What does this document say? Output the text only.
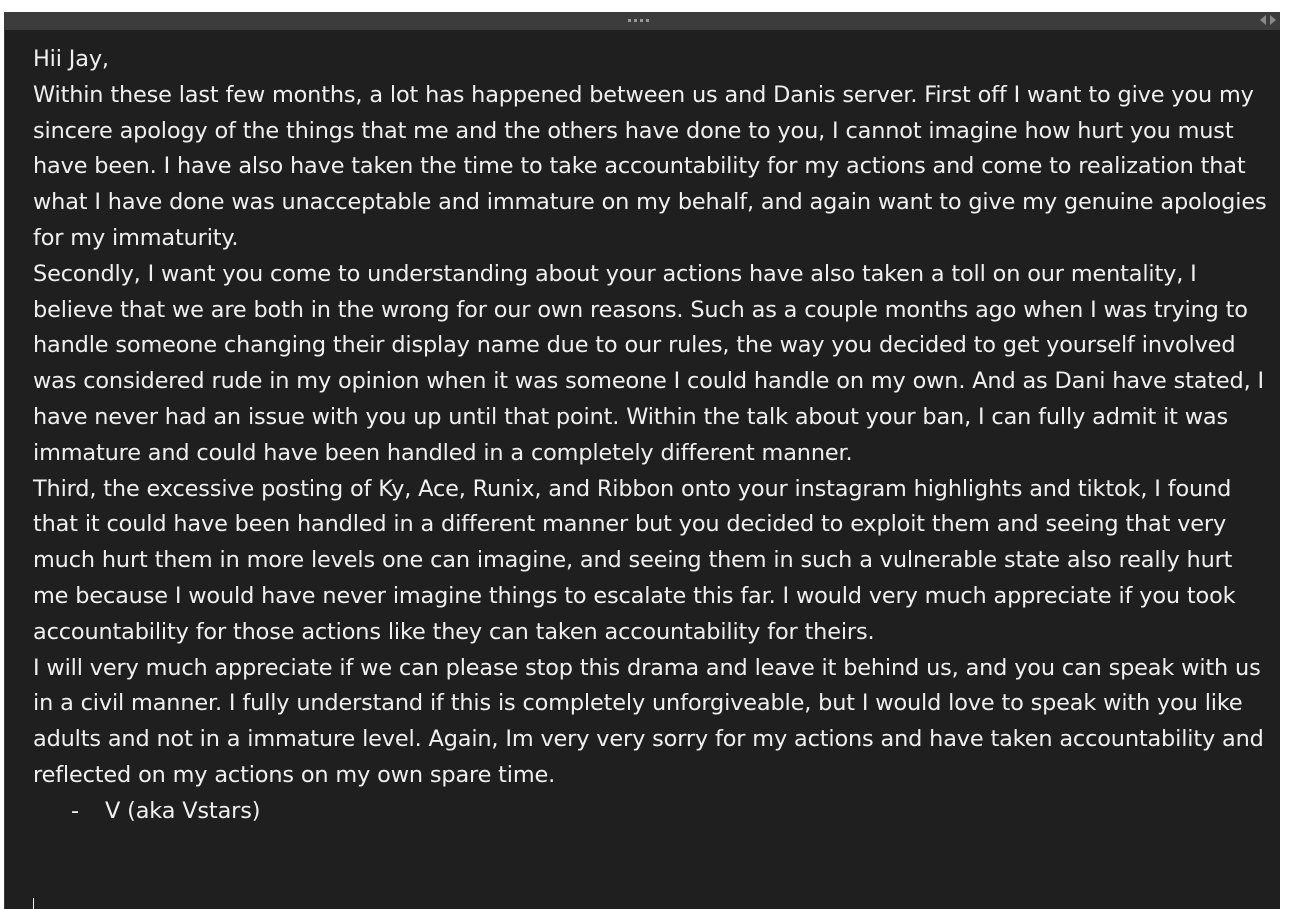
Hii Jay,

Within these last few months, a lot has happened between us and Danis server. First off I want to give you my sincere apology of the things that me and the others have done to you, I cannot imagine how hurt you must have been. I have also have taken the time to take accountability for my actions and come to realization that what I have done was unacceptable and immature on my behalf, and again want to give my genuine apologies for my immaturity.

Secondly, I want you come to understanding about your actions have also taken a toll on our mentality, I believe that we are both in the wrong for our own reasons. Such as a couple months ago when I was trying to handle someone changing their display name due to our rules, the way you decided to get yourself involved was considered rude in my opinion when it was someone I could handle on my own. And as Dani have stated, I have never had an issue with you up until that point. Within the talk about your ban, I can fully admit it was immature and could have been handled in a completely different manner.

Third, the excessive posting of Ky, Ace, Runix, and Ribbon onto your instagram highlights and tiktok, I found that it could have been handled in a different manner but you decided to exploit them and seeing that very much hurt them in more levels one can imagine, and seeing them in such a vulnerable state also really hurt me because I would have never imagine things to escalate this far. I would very much appreciate if you took accountability for those actions like they can taken accountability for theirs.

I will very much appreciate if we can please stop this drama and leave it behind us, and you can speak with us in a civil manner. I fully understand if this is completely unforgiveable, but I would love to speak with you like adults and not in a immature level. Again, Im very very sorry for my actions and have taken accountability and reflected on my actions on my own spare time.

- V (aka Vstars)
